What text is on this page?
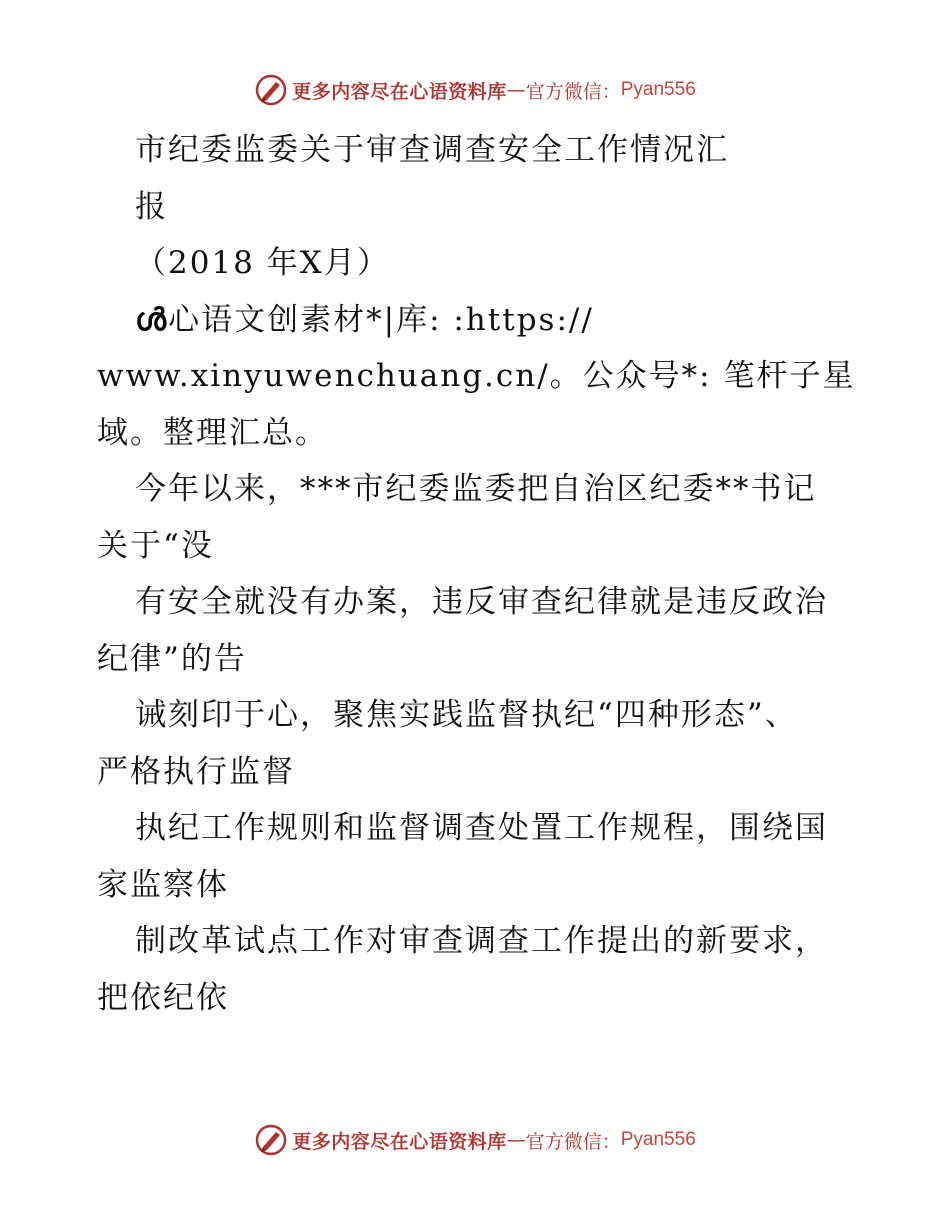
更多内容尽在心语资料库 — 官方微信： Pyan556
市纪委监委关于审查调查安全工作情况汇
报
（2018 年X月）
ൾ心语文创素材*|库: :https://
www.xinyuwenchuang.cn/。公众号*: 笔杆子星
域。整理汇总。
今年以来，***市纪委监委把自治区纪委**书记
关于“没
有安全就没有办案，违反审查纪律就是违反政治
纪律”的告
诫刻印于心，聚焦实践监督执纪“四种形态”、
严格执行监督
执纪工作规则和监督调查处置工作规程，围绕国
家监察体
制改革试点工作对审查调查工作提出的新要求，
把依纪依
更多内容尽在心语资料库 — 官方微信： Pyan556
